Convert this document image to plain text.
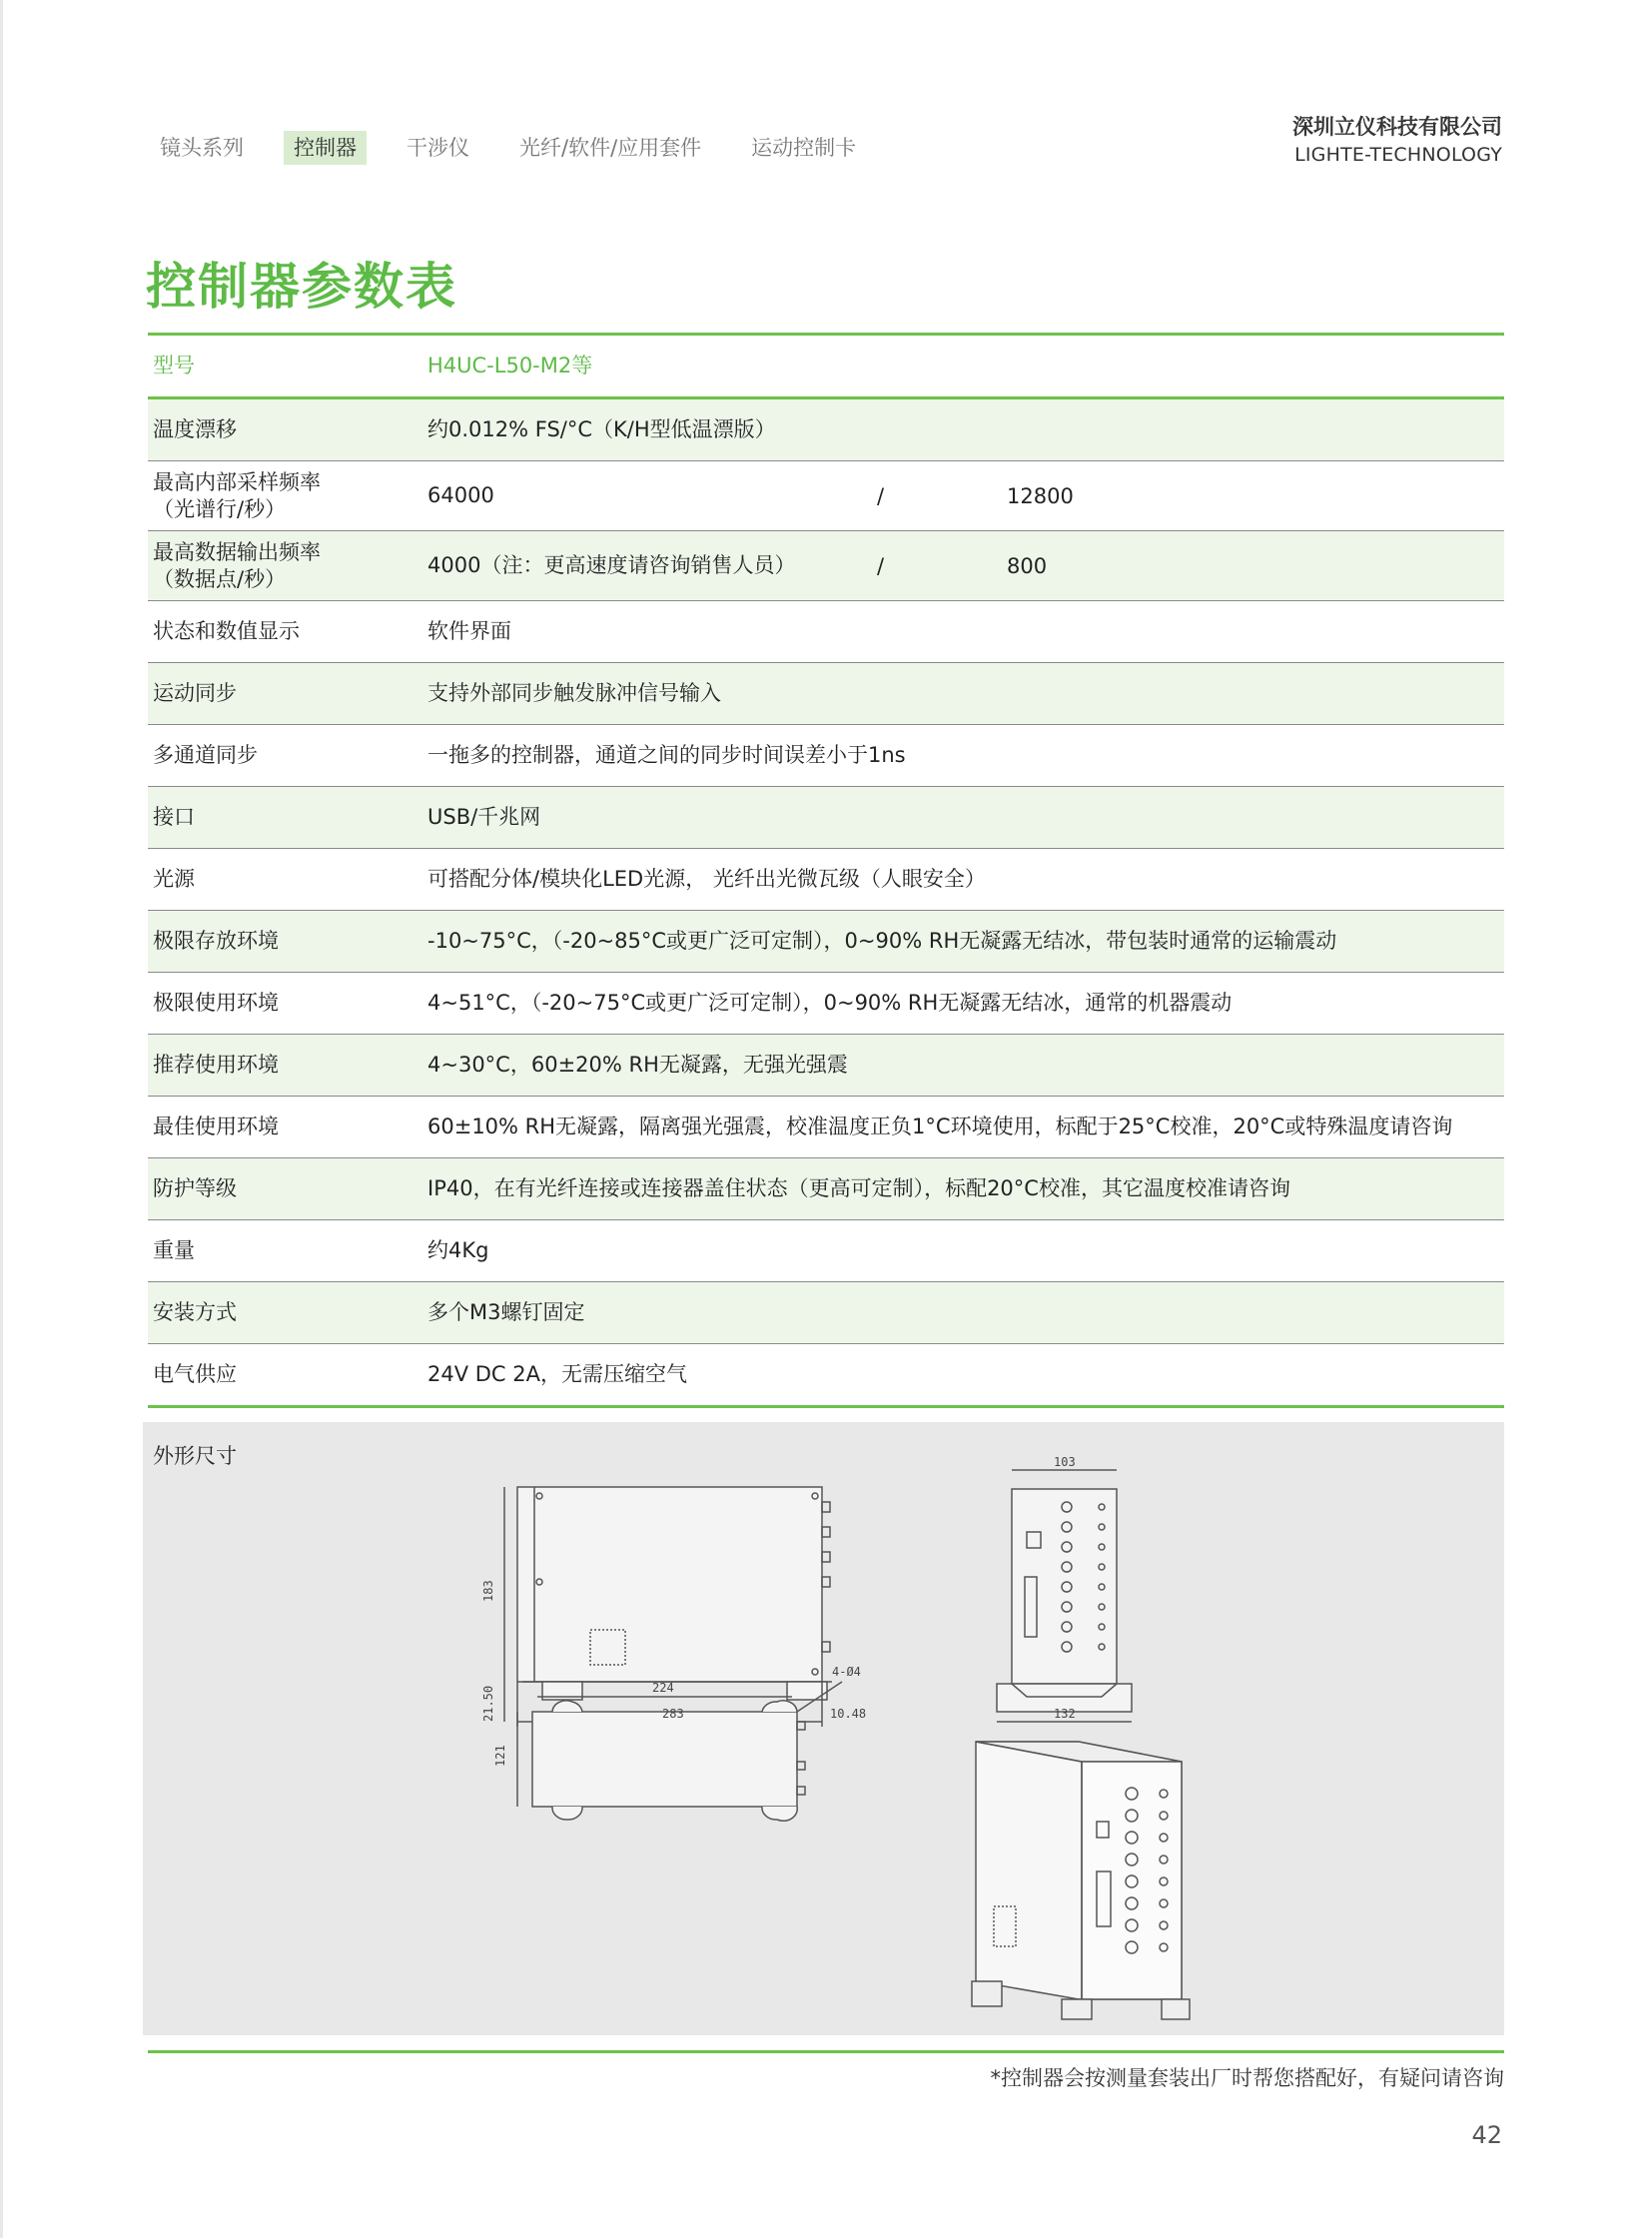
镜头系列	控制器	干涉仪	光纤/软件/应用套件	运动控制卡
深圳立仪科技有限公司
LIGHTE-TECHNOLOGY
控制器参数表
型号	H4UC-L50-M2等
温度漂移	约0.012% FS/°C（K/H型低温漂版）
最高内部采样频率
（光谱行/秒）
64000	/	12800
最高数据输出频率
（数据点/秒）
4000（注：更高速度请咨询销售人员）	/	800
状态和数值显示	软件界面
运动同步	支持外部同步触发脉冲信号输入
多通道同步	一拖多的控制器，通道之间的同步时间误差小于1ns
接口	USB/千兆网
光源	可搭配分体/模块化LED光源， 光纤出光微瓦级（人眼安全）
极限存放环境	-10~75°C，（-20~85°C或更广泛可定制），0~90% RH无凝露无结冰，带包装时通常的运输震动
极限使用环境	4~51°C，（-20~75°C或更广泛可定制），0~90% RH无凝露无结冰，通常的机器震动
推荐使用环境	4~30°C，60±20% RH无凝露，无强光强震
最佳使用环境	60±10% RH无凝露，隔离强光强震，校准温度正负1°C环境使用，标配于25°C校准，20°C或特殊温度请咨询
防护等级	IP40，在有光纤连接或连接器盖住状态（更高可定制），标配20°C校准，其它温度校准请咨询
重量	约4Kg
安装方式	多个M3螺钉固定
电气供应	24V DC 2A，无需压缩空气
外形尺寸
183
21.50	283	10.48
103
132
224
4-Ø4
121
*控制器会按测量套装出厂时帮您搭配好，有疑问请咨询
42
